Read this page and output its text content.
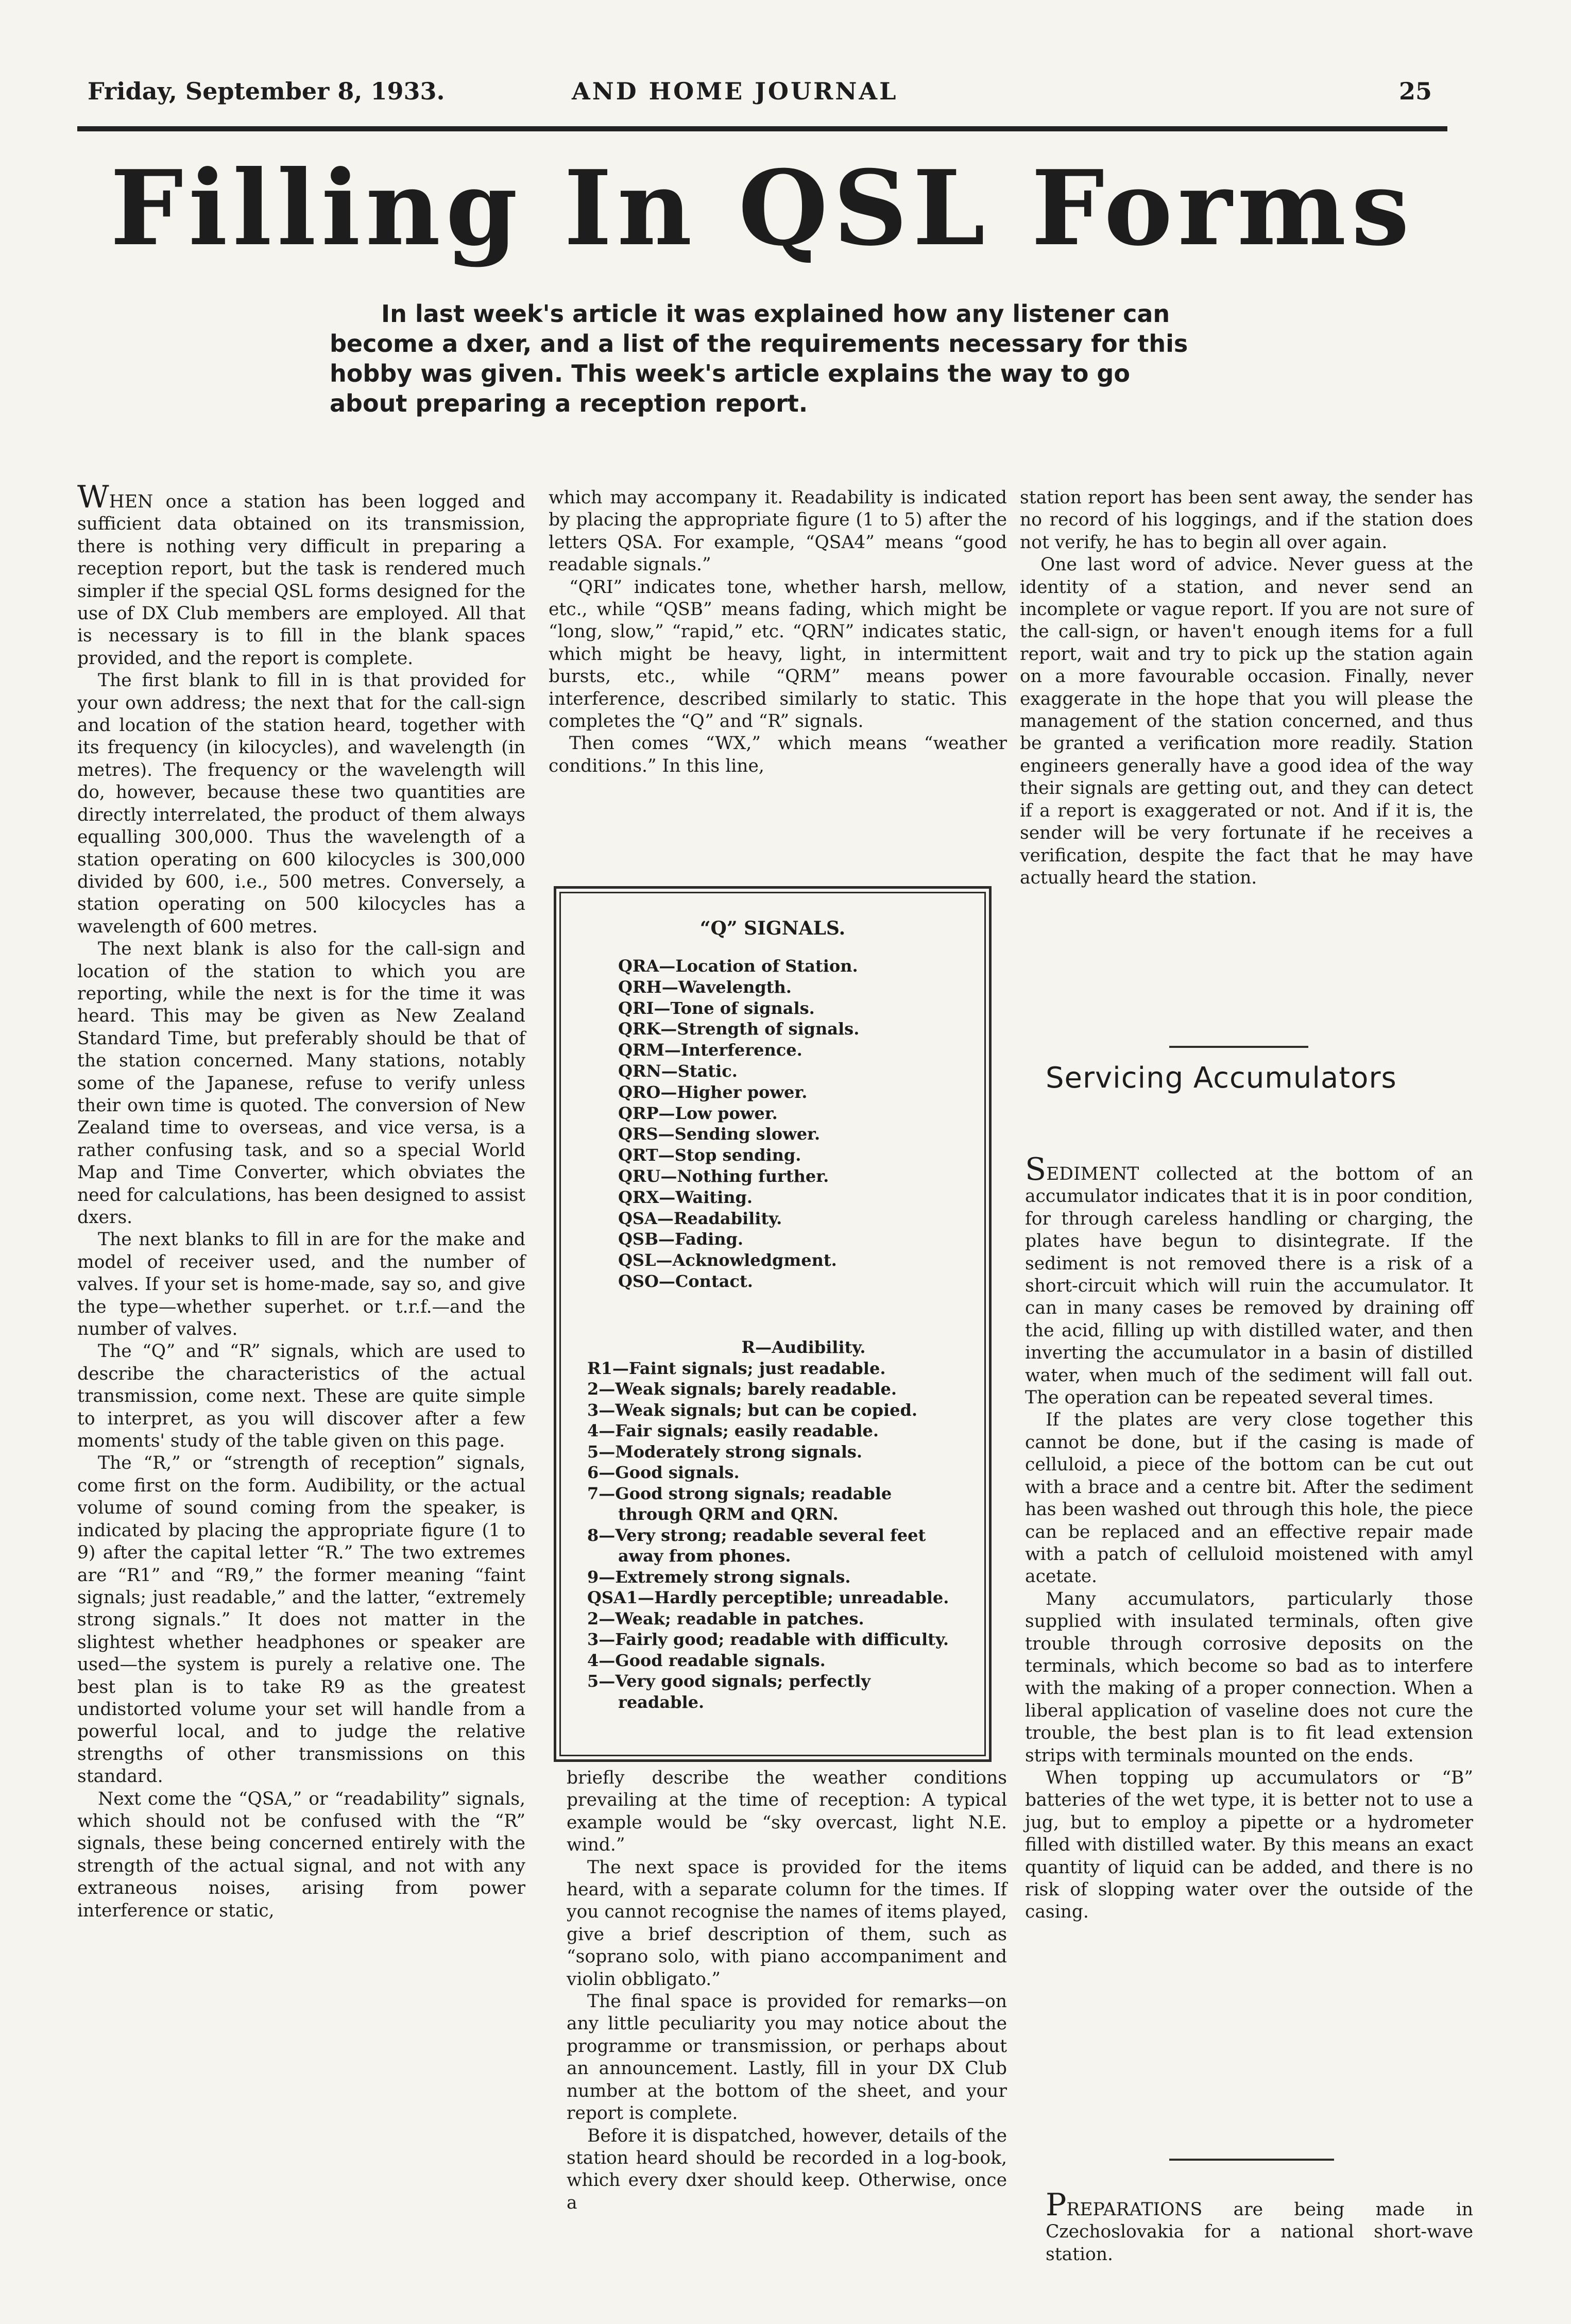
Friday, September 8, 1933.	AND HOME JOURNAL	25
Filling In QSL Forms
In last week's article it was explained how any listener can become a dxer, and a list of the requirements necessary for this hobby was given. This week's article explains the way to go about preparing a reception report.

WHEN once a station has been logged and sufficient data obtained on its transmission, there is nothing very difficult in preparing a reception report, but the task is rendered much simpler if the special QSL forms designed for the use of DX Club members are employed. All that is necessary is to fill in the blank spaces provided, and the report is complete.

The first blank to fill in is that provided for your own address; the next that for the call-sign and location of the station heard, together with its frequency (in kilocycles), and wavelength (in metres). The frequency or the wavelength will do, however, because these two quantities are directly interrelated, the product of them always equalling 300,000. Thus the wavelength of a station operating on 600 kilocycles is 300,000 divided by 600, i.e., 500 metres. Conversely, a station operating on 500 kilocycles has a wavelength of 600 metres.

The next blank is also for the call-sign and location of the station to which you are reporting, while the next is for the time it was heard. This may be given as New Zealand Standard Time, but preferably should be that of the station concerned. Many stations, notably some of the Japanese, refuse to verify unless their own time is quoted. The conversion of New Zealand time to overseas, and vice versa, is a rather confusing task, and so a special World Map and Time Converter, which obviates the need for calculations, has been designed to assist dxers.

The next blanks to fill in are for the make and model of receiver used, and the number of valves. If your set is home-made, say so, and give the type—whether superhet. or t.r.f.—and the number of valves.

The “Q” and “R” signals, which are used to describe the characteristics of the actual transmission, come next. These are quite simple to interpret, as you will discover after a few moments' study of the table given on this page.

The “R,” or “strength of reception” signals, come first on the form. Audibility, or the actual volume of sound coming from the speaker, is indicated by placing the appropriate figure (1 to 9) after the capital letter “R.” The two extremes are “R1” and “R9,” the former meaning “faint signals; just readable,” and the latter, “extremely strong signals.” It does not matter in the slightest whether headphones or speaker are used—the system is purely a relative one. The best plan is to take R9 as the greatest undistorted volume your set will handle from a powerful local, and to judge the relative strengths of other transmissions on this standard.

Next come the “QSA,” or “readability” signals, which should not be confused with the “R” signals, these being concerned entirely with the strength of the actual signal, and not with any extraneous noises, arising from power interference or static,

which may accompany it. Readability is indicated by placing the appropriate figure (1 to 5) after the letters QSA. For example, “QSA4” means “good readable signals.”

“QRI” indicates tone, whether harsh, mellow, etc., while “QSB” means fading, which might be “long, slow,” “rapid,” etc. “QRN” indicates static, which might be heavy, light, in intermittent bursts, etc., while “QRM” means power interference, described similarly to static. This completes the “Q” and “R” signals.

Then comes “WX,” which means “weather conditions.” In this line,

“Q” SIGNALS.
QRA—Location of Station.
QRH—Wavelength.
QRI—Tone of signals.
QRK—Strength of signals.
QRM—Interference.
QRN—Static.
QRO—Higher power.
QRP—Low power.
QRS—Sending slower.
QRT—Stop sending.
QRU—Nothing further.
QRX—Waiting.
QSA—Readability.
QSB—Fading.
QSL—Acknowledgment.
QSO—Contact.
R—Audibility.
R1—Faint signals; just readable.
2—Weak signals; barely readable.
3—Weak signals; but can be copied.
4—Fair signals; easily readable.
5—Moderately strong signals.
6—Good signals.
7—Good strong signals; readable through QRM and QRN.
8—Very strong; readable several feet away from phones.
9—Extremely strong signals.
QSA1—Hardly perceptible; unreadable.
2—Weak; readable in patches.
3—Fairly good; readable with difficulty.
4—Good readable signals.
5—Very good signals; perfectly readable.

briefly describe the weather conditions prevailing at the time of reception: A typical example would be “sky overcast, light N.E. wind.”

The next space is provided for the items heard, with a separate column for the times. If you cannot recognise the names of items played, give a brief description of them, such as “soprano solo, with piano accompaniment and violin obbligato.”

The final space is provided for remarks—on any little peculiarity you may notice about the programme or transmission, or perhaps about an announcement. Lastly, fill in your DX Club number at the bottom of the sheet, and your report is complete.

Before it is dispatched, however, details of the station heard should be recorded in a log-book, which every dxer should keep. Otherwise, once a

station report has been sent away, the sender has no record of his loggings, and if the station does not verify, he has to begin all over again.

One last word of advice. Never guess at the identity of a station, and never send an incomplete or vague report. If you are not sure of the call-sign, or haven't enough items for a full report, wait and try to pick up the station again on a more favourable occasion. Finally, never exaggerate in the hope that you will please the management of the station concerned, and thus be granted a verification more readily. Station engineers generally have a good idea of the way their signals are getting out, and they can detect if a report is exaggerated or not. And if it is, the sender will be very fortunate if he receives a verification, despite the fact that he may have actually heard the station.

Servicing Accumulators

SEDIMENT collected at the bottom of an accumulator indicates that it is in poor condition, for through careless handling or charging, the plates have begun to disintegrate. If the sediment is not removed there is a risk of a short-circuit which will ruin the accumulator. It can in many cases be removed by draining off the acid, filling up with distilled water, and then inverting the accumulator in a basin of distilled water, when much of the sediment will fall out. The operation can be repeated several times.

If the plates are very close together this cannot be done, but if the casing is made of celluloid, a piece of the bottom can be cut out with a brace and a centre bit. After the sediment has been washed out through this hole, the piece can be replaced and an effective repair made with a patch of celluloid moistened with amyl acetate.

Many accumulators, particularly those supplied with insulated terminals, often give trouble through corrosive deposits on the terminals, which become so bad as to interfere with the making of a proper connection. When a liberal application of vaseline does not cure the trouble, the best plan is to fit lead extension strips with terminals mounted on the ends.

When topping up accumulators or “B” batteries of the wet type, it is better not to use a jug, but to employ a pipette or a hydrometer filled with distilled water. By this means an exact quantity of liquid can be added, and there is no risk of slopping water over the outside of the casing.

PREPARATIONS are being made in Czechoslovakia for a national short-wave station.
